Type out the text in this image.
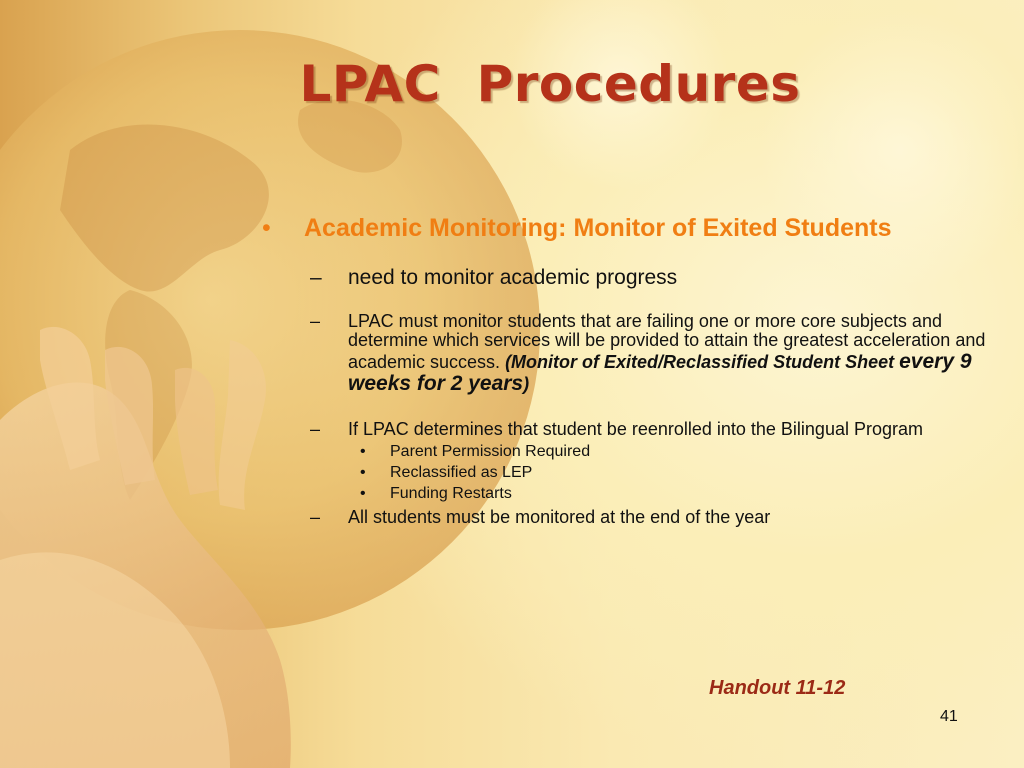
LPAC  Procedures
•	Academic Monitoring: Monitor of Exited Students
–	need to monitor academic progress
–	LPAC must monitor students that are failing one or more core subjects and determine which services will be provided to attain the greatest acceleration and academic success. (Monitor of Exited/Reclassified Student Sheet every 9 weeks for 2 years)
–	If LPAC determines that student be reenrolled into the Bilingual Program
•	Parent Permission Required
•	Reclassified as LEP
•	Funding Restarts
–	All students must be monitored at the end of the year
Handout 11-12
41
